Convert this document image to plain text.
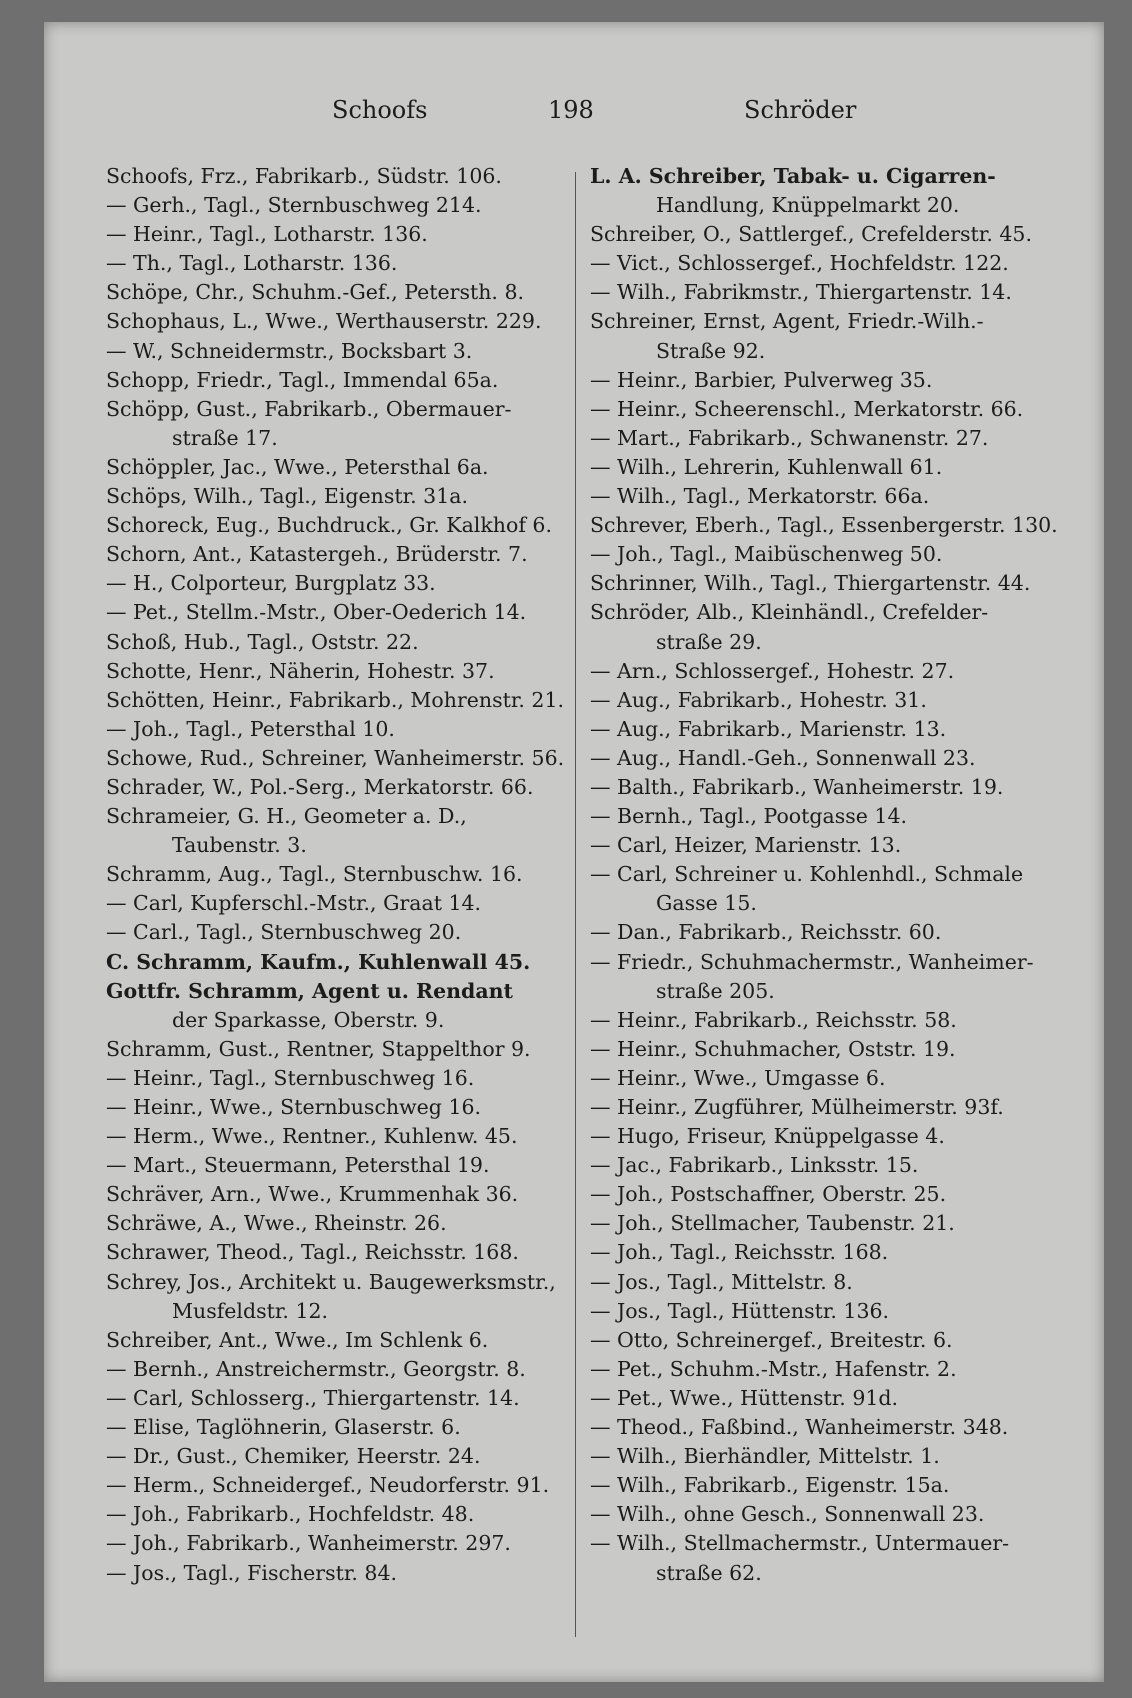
Schoofs	198	Schröder
Schoofs, Frz., Fabrikarb., Südstr. 106.
— Gerh., Tagl., Sternbuschweg 214.
— Heinr., Tagl., Lotharstr. 136.
— Th., Tagl., Lotharstr. 136.
Schöpe, Chr., Schuhm.-Gef., Petersth. 8.
Schophaus, L., Wwe., Werthauserstr. 229.
— W., Schneidermstr., Bocksbart 3.
Schopp, Friedr., Tagl., Immendal 65a.
Schöpp, Gust., Fabrikarb., Obermauer-
straße 17.
Schöppler, Jac., Wwe., Petersthal 6a.
Schöps, Wilh., Tagl., Eigenstr. 31a.
Schoreck, Eug., Buchdruck., Gr. Kalkhof 6.
Schorn, Ant., Katastergeh., Brüderstr. 7.
— H., Colporteur, Burgplatz 33.
— Pet., Stellm.-Mstr., Ober-Oederich 14.
Schoß, Hub., Tagl., Oststr. 22.
Schotte, Henr., Näherin, Hohestr. 37.
Schötten, Heinr., Fabrikarb., Mohrenstr. 21.
— Joh., Tagl., Petersthal 10.
Schowe, Rud., Schreiner, Wanheimerstr. 56.
Schrader, W., Pol.-Serg., Merkatorstr. 66.
Schrameier, G. H., Geometer a. D.,
Taubenstr. 3.
Schramm, Aug., Tagl., Sternbuschw. 16.
— Carl, Kupferschl.-Mstr., Graat 14.
— Carl., Tagl., Sternbuschweg 20.
C. Schramm, Kaufm., Kuhlenwall 45.
Gottfr. Schramm, Agent u. Rendant
der Sparkasse, Oberstr. 9.
Schramm, Gust., Rentner, Stappelthor 9.
— Heinr., Tagl., Sternbuschweg 16.
— Heinr., Wwe., Sternbuschweg 16.
— Herm., Wwe., Rentner., Kuhlenw. 45.
— Mart., Steuermann, Petersthal 19.
Schräver, Arn., Wwe., Krummenhak 36.
Schräwe, A., Wwe., Rheinstr. 26.
Schrawer, Theod., Tagl., Reichsstr. 168.
Schrey, Jos., Architekt u. Baugewerksmstr.,
Musfeldstr. 12.
Schreiber, Ant., Wwe., Im Schlenk 6.
— Bernh., Anstreichermstr., Georgstr. 8.
— Carl, Schlosserg., Thiergartenstr. 14.
— Elise, Taglöhnerin, Glaserstr. 6.
— Dr., Gust., Chemiker, Heerstr. 24.
— Herm., Schneidergef., Neudorferstr. 91.
— Joh., Fabrikarb., Hochfeldstr. 48.
— Joh., Fabrikarb., Wanheimerstr. 297.
— Jos., Tagl., Fischerstr. 84.
L. A. Schreiber, Tabak- u. Cigarren-
Handlung, Knüppelmarkt 20.
Schreiber, O., Sattlergef., Crefelderstr. 45.
— Vict., Schlossergef., Hochfeldstr. 122.
— Wilh., Fabrikmstr., Thiergartenstr. 14.
Schreiner, Ernst, Agent, Friedr.-Wilh.-
Straße 92.
— Heinr., Barbier, Pulverweg 35.
— Heinr., Scheerenschl., Merkatorstr. 66.
— Mart., Fabrikarb., Schwanenstr. 27.
— Wilh., Lehrerin, Kuhlenwall 61.
— Wilh., Tagl., Merkatorstr. 66a.
Schrever, Eberh., Tagl., Essenbergerstr. 130.
— Joh., Tagl., Maibüschenweg 50.
Schrinner, Wilh., Tagl., Thiergartenstr. 44.
Schröder, Alb., Kleinhändl., Crefelder-
straße 29.
— Arn., Schlossergef., Hohestr. 27.
— Aug., Fabrikarb., Hohestr. 31.
— Aug., Fabrikarb., Marienstr. 13.
— Aug., Handl.-Geh., Sonnenwall 23.
— Balth., Fabrikarb., Wanheimerstr. 19.
— Bernh., Tagl., Pootgasse 14.
— Carl, Heizer, Marienstr. 13.
— Carl, Schreiner u. Kohlenhdl., Schmale
Gasse 15.
— Dan., Fabrikarb., Reichsstr. 60.
— Friedr., Schuhmachermstr., Wanheimer-
straße 205.
— Heinr., Fabrikarb., Reichsstr. 58.
— Heinr., Schuhmacher, Oststr. 19.
— Heinr., Wwe., Umgasse 6.
— Heinr., Zugführer, Mülheimerstr. 93f.
— Hugo, Friseur, Knüppelgasse 4.
— Jac., Fabrikarb., Linksstr. 15.
— Joh., Postschaffner, Oberstr. 25.
— Joh., Stellmacher, Taubenstr. 21.
— Joh., Tagl., Reichsstr. 168.
— Jos., Tagl., Mittelstr. 8.
— Jos., Tagl., Hüttenstr. 136.
— Otto, Schreinergef., Breitestr. 6.
— Pet., Schuhm.-Mstr., Hafenstr. 2.
— Pet., Wwe., Hüttenstr. 91d.
— Theod., Faßbind., Wanheimerstr. 348.
— Wilh., Bierhändler, Mittelstr. 1.
— Wilh., Fabrikarb., Eigenstr. 15a.
— Wilh., ohne Gesch., Sonnenwall 23.
— Wilh., Stellmachermstr., Untermauer-
straße 62.
